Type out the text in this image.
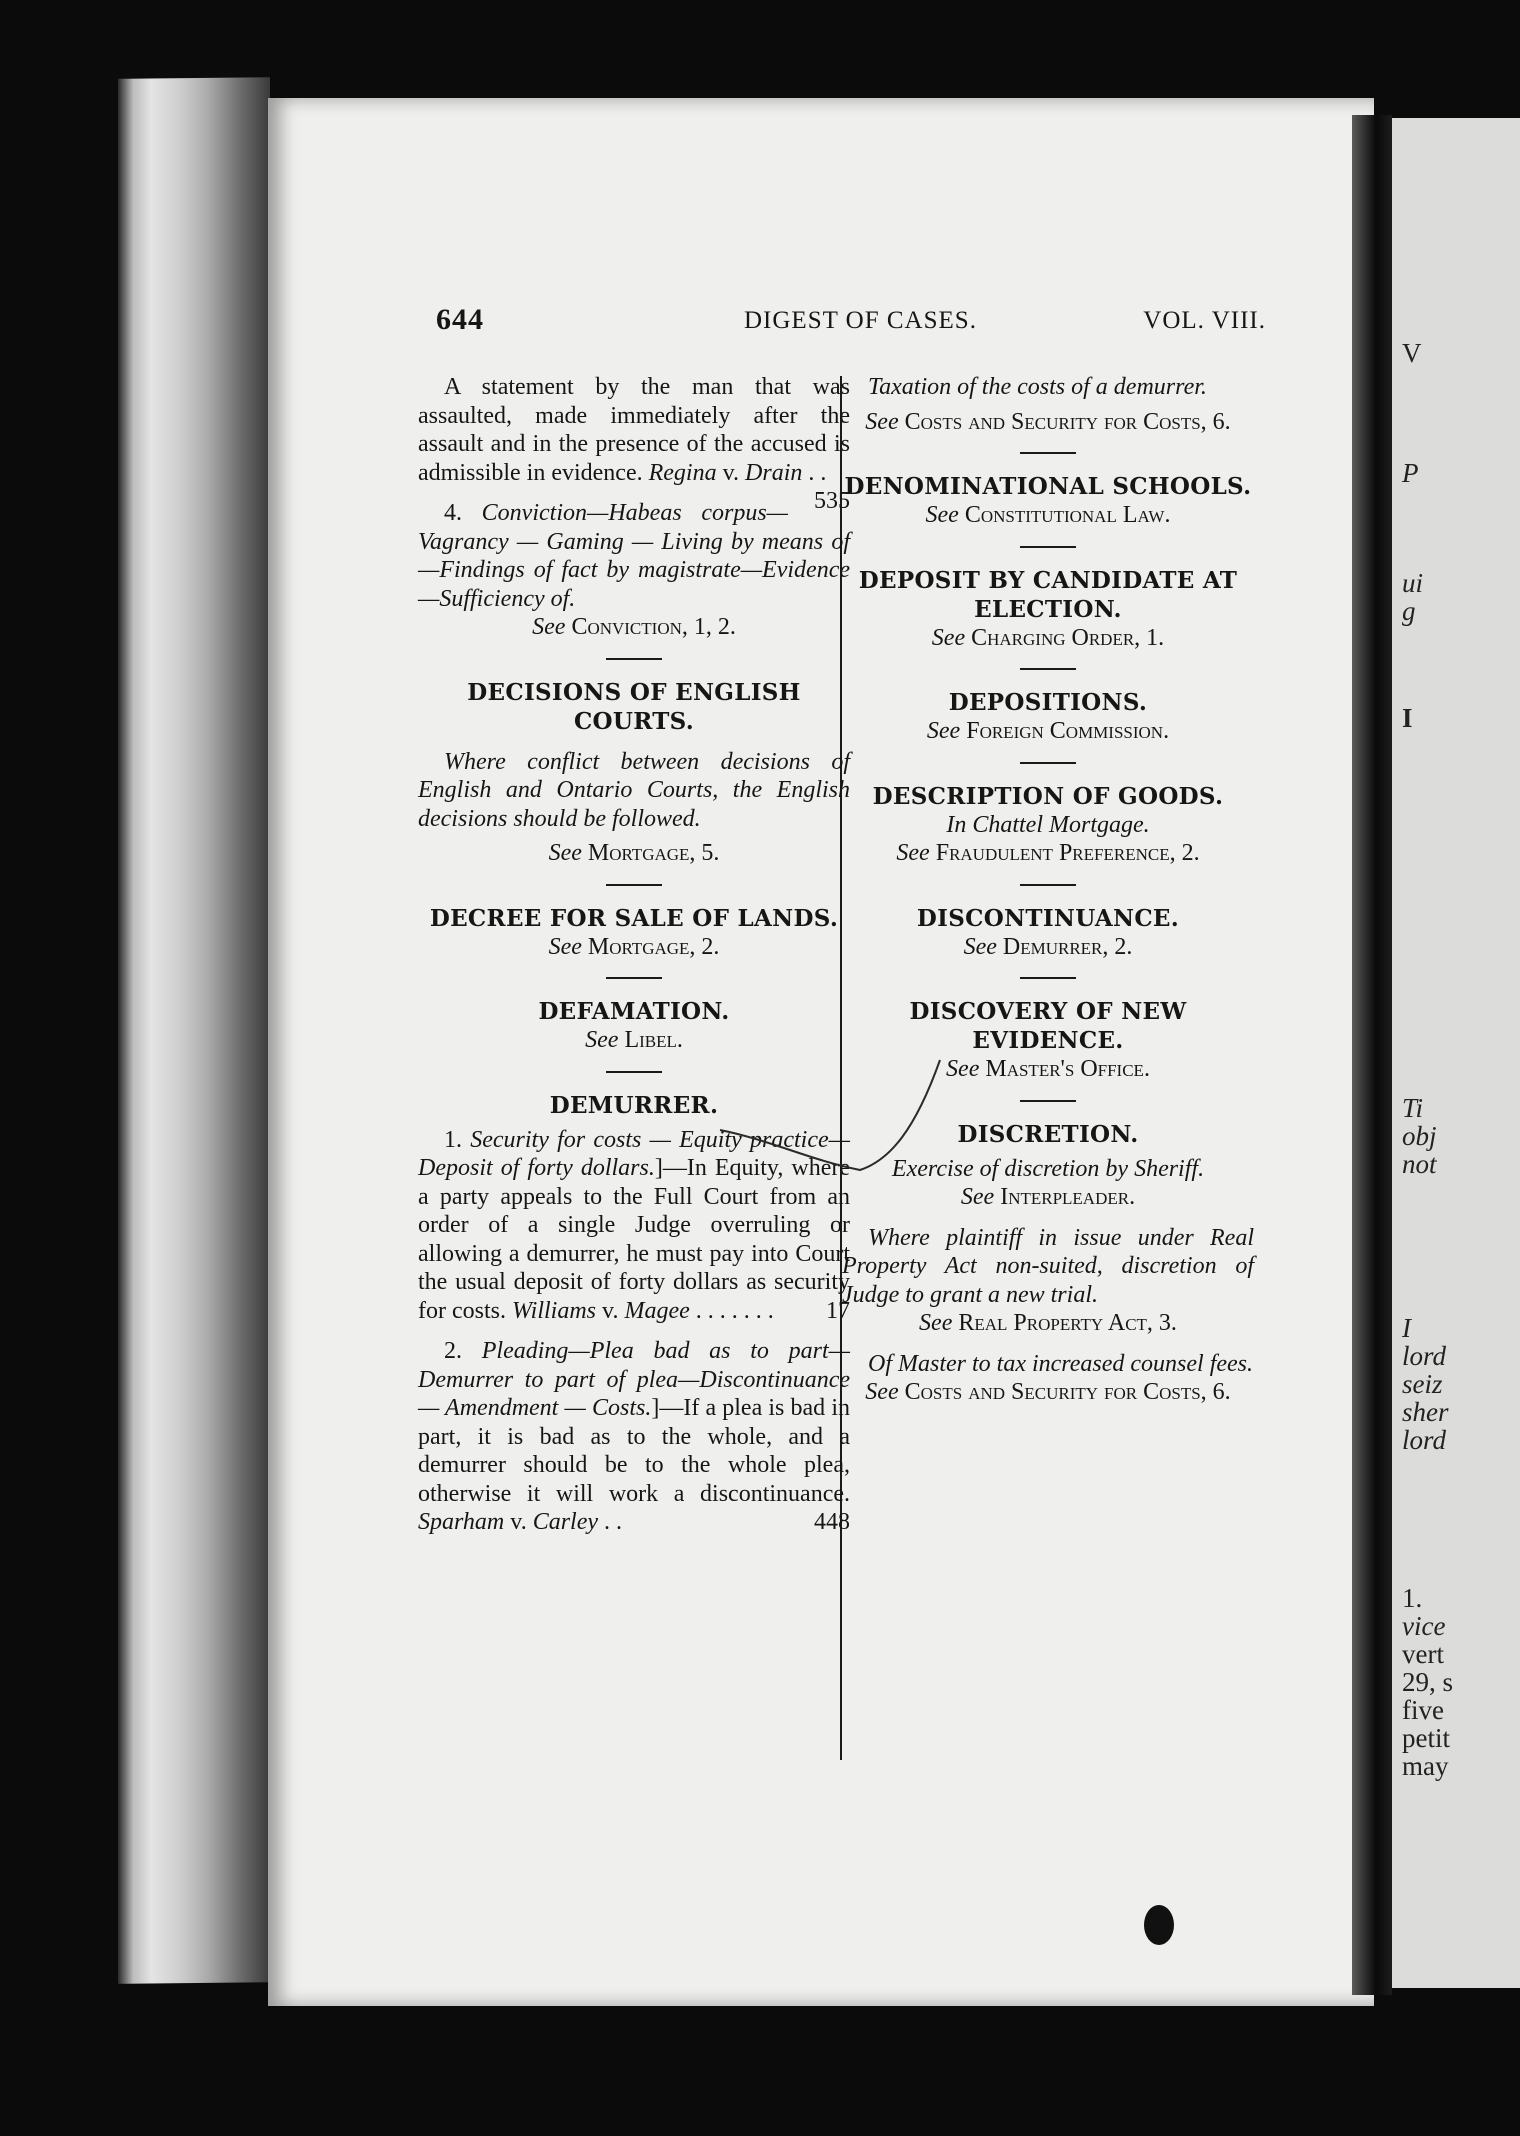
V
P
ui
g
I
Ti
obj
not
I
lord
seiz
sher
lord
1.
vice
vert
29, s
five
petit
may
644	DIGEST OF CASES.	VOL. VIII.

A statement by the man that was assaulted, made immediately after the assault and in the presence of the accused is admissible in evidence. Regina v. Drain . .
535

4. Conviction—Habeas corpus—Vagrancy — Gaming — Living by means of—Findings of fact by magistrate—Evidence—Sufficiency of.

See Conviction, 1, 2.

DECISIONS OF ENGLISH COURTS.

Where conflict between decisions of English and Ontario Courts, the English decisions should be followed.

See Mortgage, 5.

DECREE FOR SALE OF LANDS.

See Mortgage, 2.

DEFAMATION.

See Libel.

DEMURRER.

1. Security for costs — Equity practice—Deposit of forty dollars.]—In Equity, where a party appeals to the Full Court from an order of a single Judge overruling or allowing a demurrer, he must pay into Court the usual deposit of forty dollars as security for costs. Williams v. Magee . . . . . . .	17

2. Pleading—Plea bad as to part—Demurrer to part of plea—Discontinuance — Amendment — Costs.]—If a plea is bad in part, it is bad as to the whole, and a demurrer should be to the whole plea, otherwise it will work a discontinuance. Sparham v. Carley . .	448

Taxation of the costs of a demurrer.

See Costs and Security for Costs, 6.

DENOMINATIONAL SCHOOLS.

See Constitutional Law.

DEPOSIT BY CANDIDATE AT ELECTION.

See Charging Order, 1.

DEPOSITIONS.

See Foreign Commission.

DESCRIPTION OF GOODS.

In Chattel Mortgage.

See Fraudulent Preference, 2.

DISCONTINUANCE.

See Demurrer, 2.

DISCOVERY OF NEW EVIDENCE.

See Master's Office.

DISCRETION.

Exercise of discretion by Sheriff.

See Interpleader.

Where plaintiff in issue under Real Property Act non-suited, discretion of Judge to grant a new trial.

See Real Property Act, 3.

Of Master to tax increased counsel fees.

See Costs and Security for Costs, 6.
